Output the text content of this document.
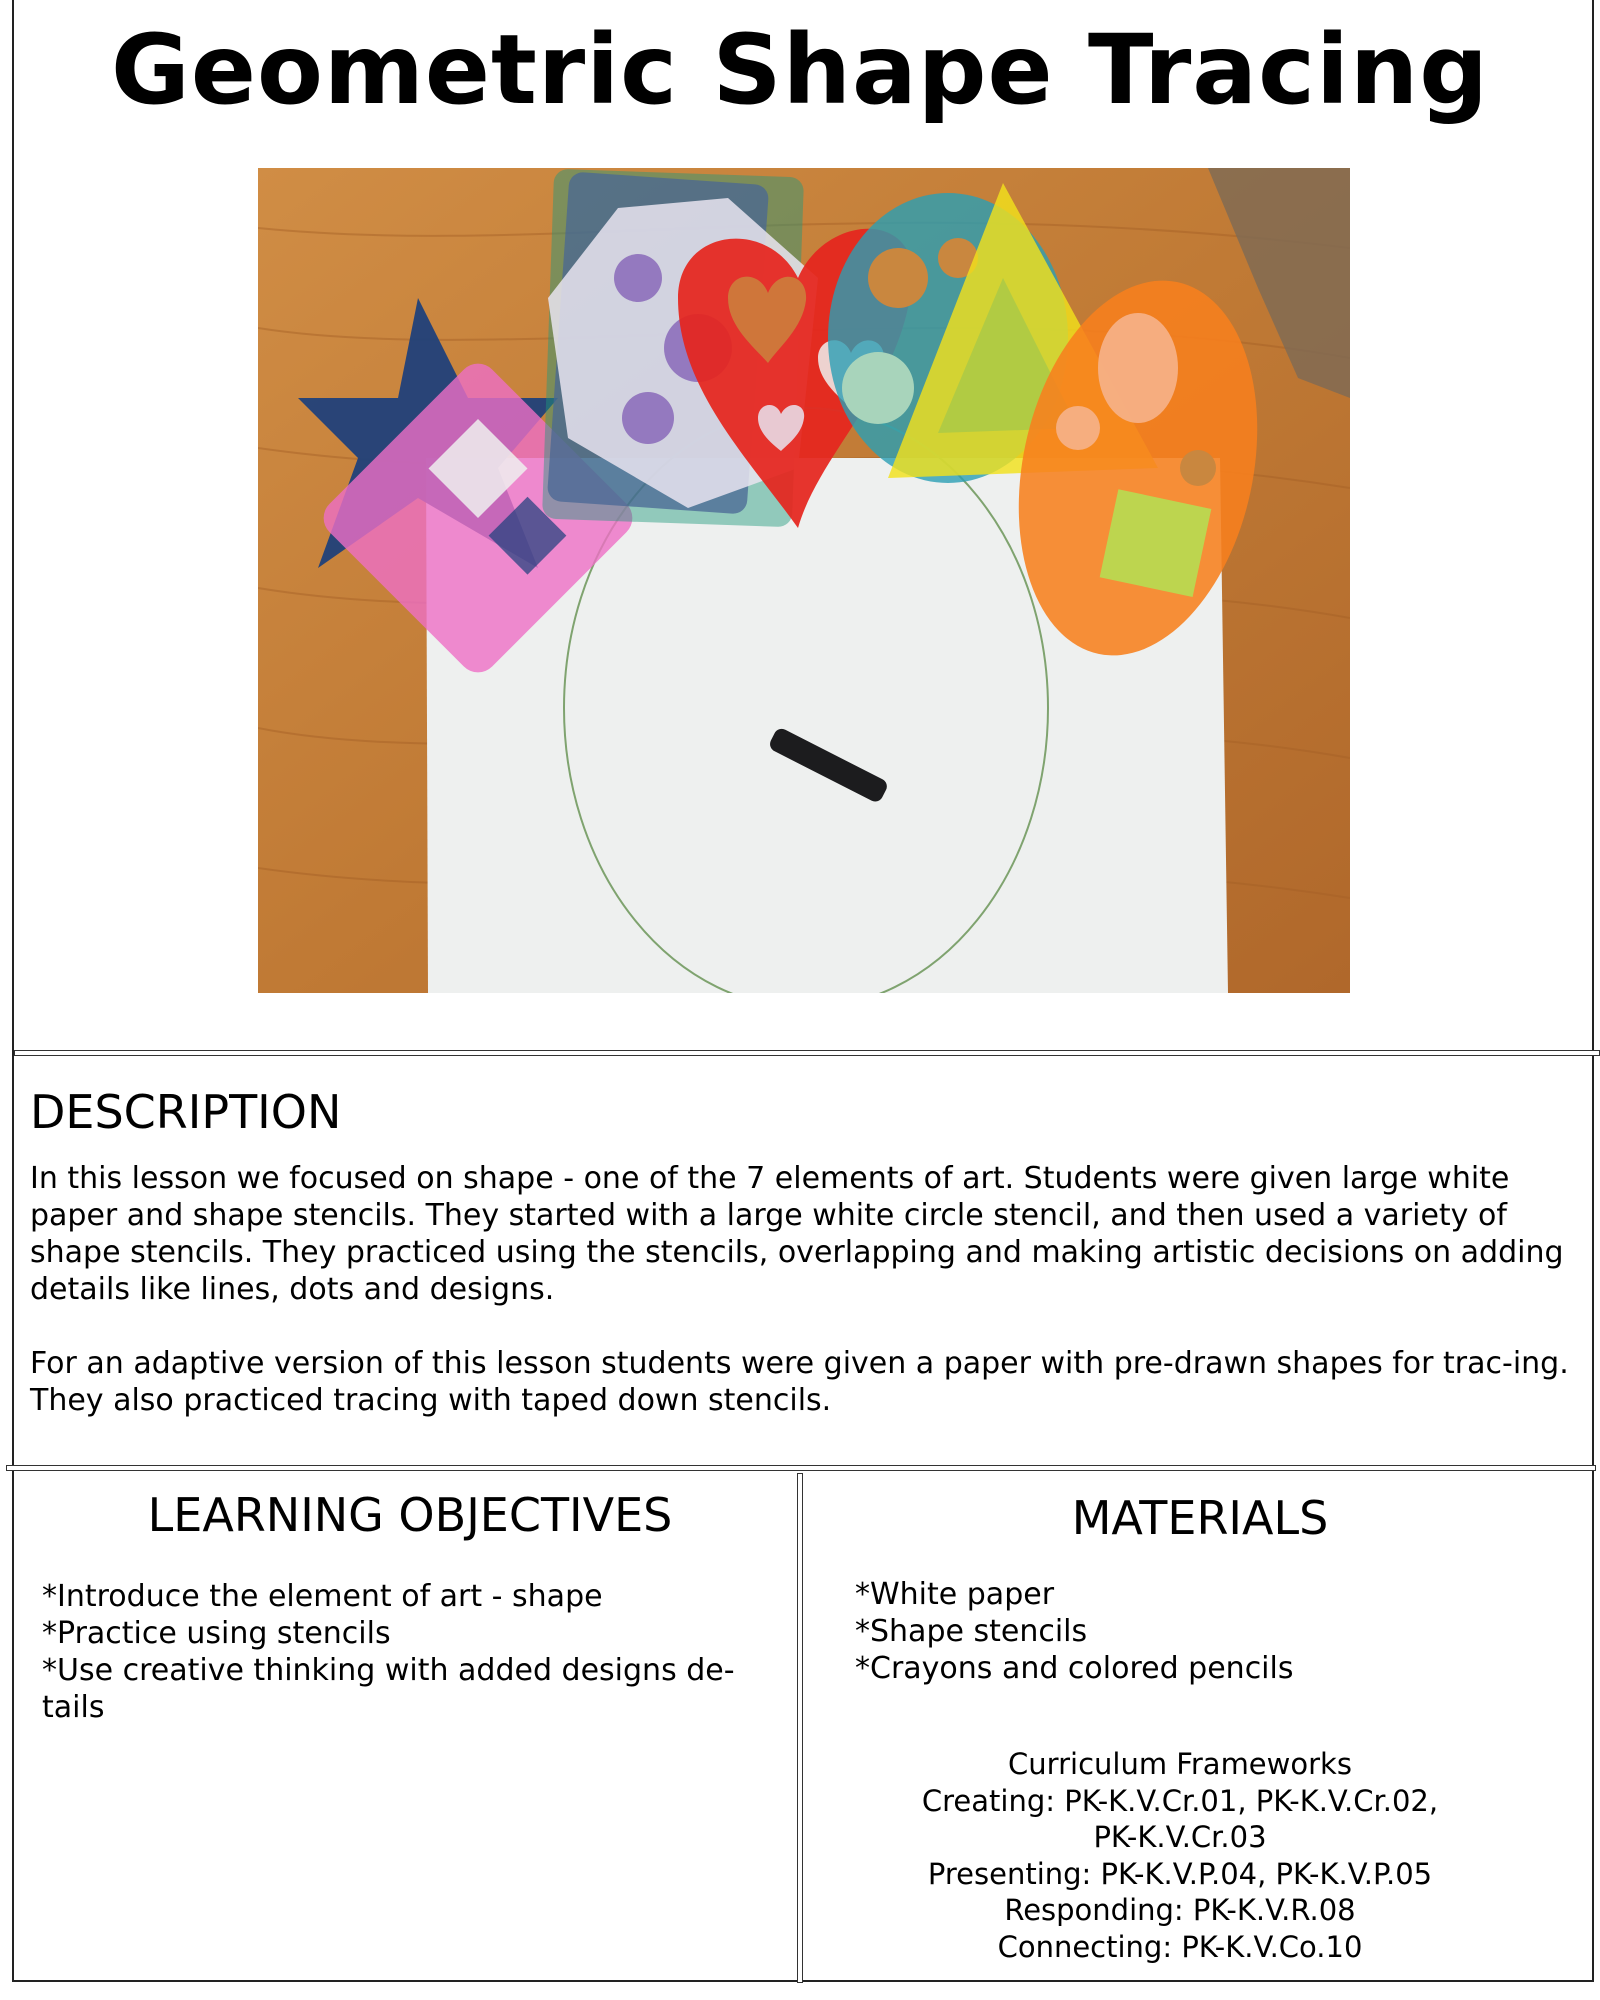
Geometric Shape Tracing
DESCRIPTION

In this lesson we focused on shape - one of the 7 elements of art. Students were given large white paper and shape stencils. They started with a large white circle stencil, and then used a variety of shape stencils. They practiced using the stencils, overlapping and making artistic decisions on adding details like lines, dots and designs.

For an adaptive version of this lesson students were given a paper with pre-drawn shapes for trac-ing. They also practiced tracing with taped down stencils.

LEARNING OBJECTIVES
*Introduce the element of art - shape
*Practice using stencils
*Use creative thinking with added designs de-tails
MATERIALS
*White paper
*Shape stencils
*Crayons and colored pencils
Curriculum Frameworks
Creating: PK-K.V.Cr.01, PK-K.V.Cr.02,
PK-K.V.Cr.03
Presenting: PK-K.V.P.04, PK-K.V.P.05
Responding: PK-K.V.R.08
Connecting: PK-K.V.Co.10
